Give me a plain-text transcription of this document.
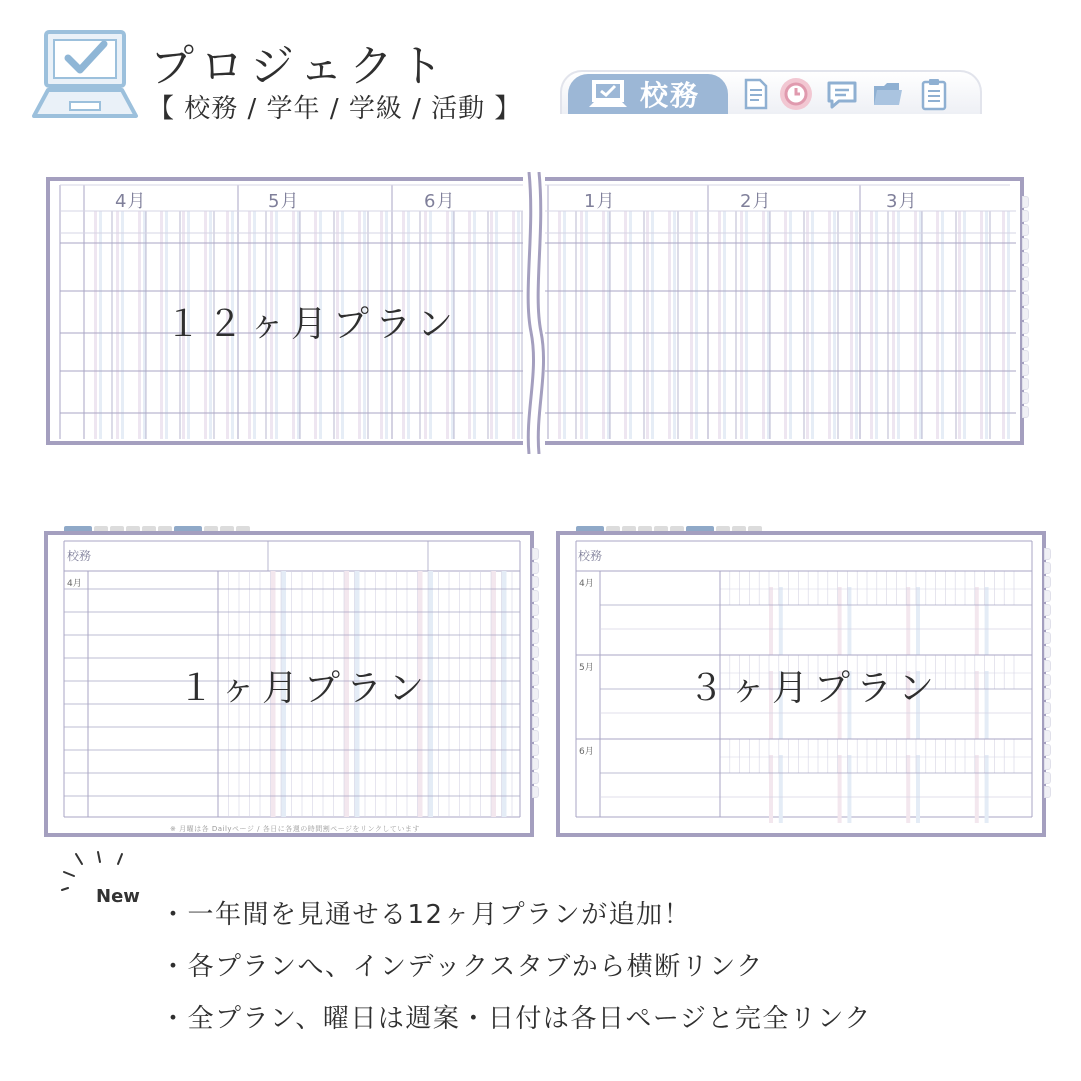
プロジェクト
【 校務 / 学年 / 学級 / 活動 】	校務
4月	5月	6月	1月	2月	3月
１２ヶ月プラン
校務
4月
※ 月曜は各 Dailyページ / 各日に各週の時間割ページをリンクしています
１ヶ月プラン
校務
4月
5月
6月
３ヶ月プラン
New
・一年間を見通せる12ヶ月プランが追加！
・各プランへ、インデックスタブから横断リンク
・全プラン、曜日は週案・日付は各日ページと完全リンク
